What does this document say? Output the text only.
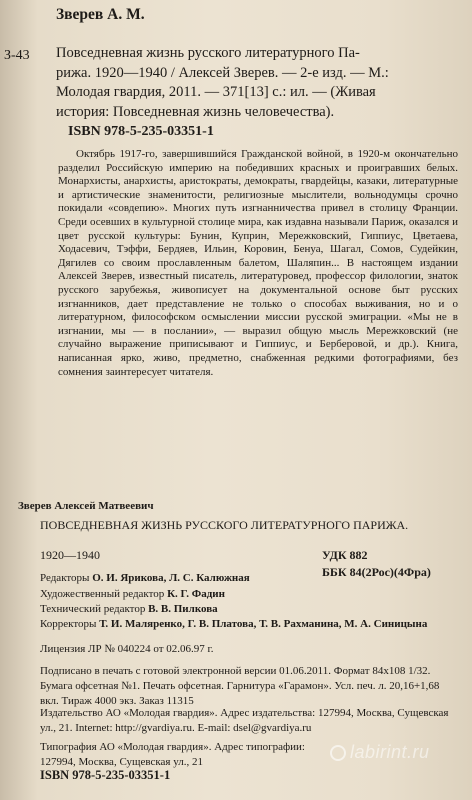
Зверев А. М.
З-43 Повседневная жизнь русского литературного Па-
рижа. 1920—1940 / Алексей Зверев. — 2-е изд. — М.:
Молодая гвардия, 2011. — 371[13] с.: ил. — (Живая
история: Повседневная жизнь человечества).
ISBN 978-5-235-03351-1
Октябрь 1917-го, завершившийся Гражданской войной, в 1920-м окончательно разделил Российскую империю на победивших красных и проигравших белых. Монархисты, анархисты, аристократы, демократы, гвардейцы, казаки, литературные и артистические знаменитости, религиозные мыслители, вольнодумцы срочно покидали «совдепию». Многих путь изгнанничества привел в столицу Франции. Среди осевших в культурной столице мира, как издавна называли Париж, оказался и цвет русской культуры: Бунин, Куприн, Мережковский, Гиппиус, Цветаева, Ходасевич, Тэффи, Бердяев, Ильин, Коровин, Бенуа, Шагал, Сомов, Судейкин, Дягилев со своим прославленным балетом, Шаляпин... В настоящем издании Алексей Зверев, известный писатель, литературовед, профессор филологии, знаток русского зарубежья, живописует на документальной основе быт русских изгнанников, дает представление не только о способах выживания, но и о литературном, философском осмыслении миссии русской эмиграции. «Мы не в изгнании, мы — в послании», — выразил общую мысль Мережковский (не случайно выражение приписывают и Гиппиус, и Берберовой, и др.). Книга, написанная ярко, живо, предметно, снабженная редкими фотографиями, без сомнения заинтересует читателя.
Зверев Алексей Матвеевич
ПОВСЕДНЕВНАЯ ЖИЗНЬ РУССКОГО ЛИТЕРАТУРНОГО ПАРИЖА.
1920—1940	УДК 882
ББК 84(2Рос)(4Фра)
Редакторы О. И. Ярикова, Л. С. Калюжная
Художественный редактор К. Г. Фадин
Технический редактор В. В. Пилкова
Корректоры Т. И. Маляренко, Г. В. Платова, Т. В. Рахманина, М. А. Синицына
Лицензия ЛР № 040224 от 02.06.97 г.
Подписано в печать с готовой электронной версии 01.06.2011. Формат 84х108 1/32. Бумага офсетная №1. Печать офсетная. Гарнитура «Гарамон». Усл. печ. л. 20,16+1,68 вкл. Тираж 4000 экз. Заказ 11315
Издательство АО «Молодая гвардия». Адрес издательства: 127994, Москва, Сущевская ул., 21. Internet: http://gvardiya.ru. E-mail: dsel@gvardiya.ru
Типография АО «Молодая гвардия». Адрес типографии: 127994, Москва, Сущевская ул., 21
ISBN 978-5-235-03351-1
labirint.ru
